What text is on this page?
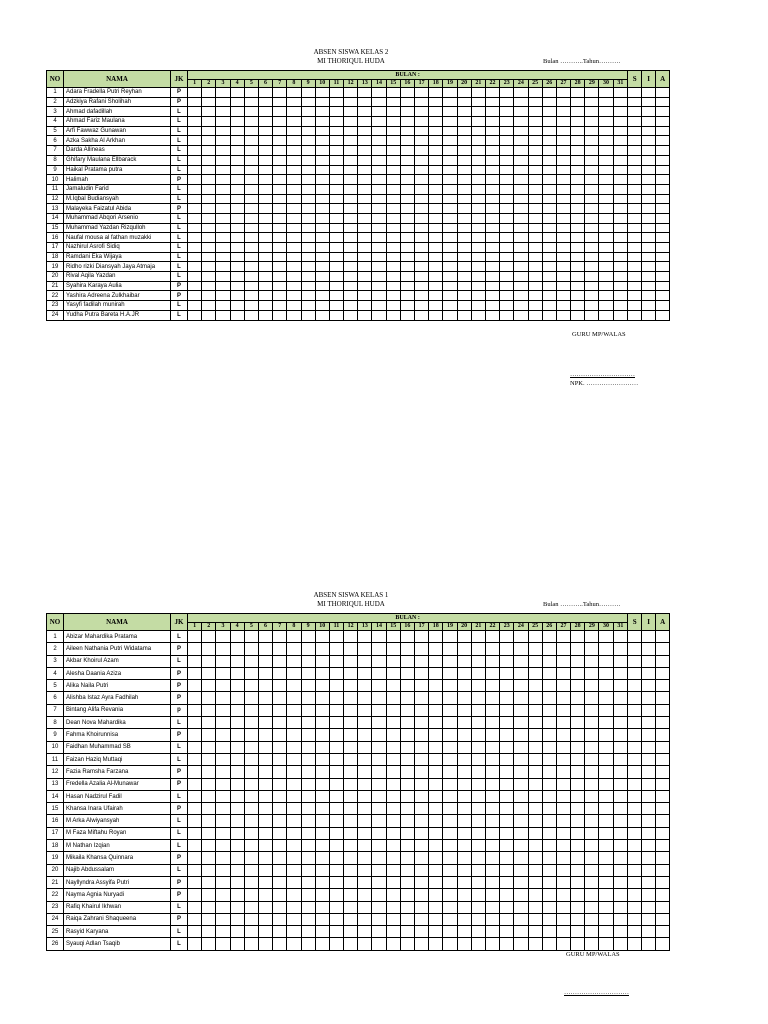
ABSEN SISWA KELAS 2
MI THORIQUL HUDA	Bulan ………..Tahun……….
NO	NAMA	JK	BULAN :																															S	I	A
			1	2	3	4	5	6	7	8	9	10	11	12	13	14	15	16	17	18	19	20	21	22	23	24	25	26	27	28	29	30	31			
1	Adara Fradella Putri Reyhan	P																																		
2	Adzkiya Rafani Sholihah	P																																		
3	Ahmad dafadillah	L																																		
4	Ahmad Fariz Maulana	L																																		
5	Arfi Fawwaz Gunawan	L																																		
6	Azka Sakha Al Arkhan	L																																		
7	Darda Allineas	L																																		
8	Ghifary Maulana Ellbarack	L																																		
9	Haikal Pratama putra	L																																		
10	Halimah	P																																		
11	Jamaludin Farid	L																																		
12	M.Iqbal Budiansyah	L																																		
13	Malayeka Faizatul Abida	P																																		
14	Muhammad Abqori Arsenio	L																																		
15	Muhammad Yazdan Rizqulloh	L																																		
16	Naufal mousa al fathan muzakki	L																																		
17	Nazhirul Asrofi Sidiq	L																																		
18	Ramdani Eka Wijaya	L																																		
19	Ridho rizki Diansyah Jaya Atmaja	L																																		
20	Rival Aqila Yazdan	L																																		
21	Syahira Karaya Aulia	P																																		
22	Yashira Adreena Zulkhaibar	P																																		
23	Yasyfi fadilah munirah	L																																		
24	Yudha Putra Bareta H.A.JR	L																																		
GURU MP/WALAS
…………………………
NPK. ……………………
ABSEN SISWA KELAS 1
MI THORIQUL HUDA	Bulan ………..Tahun……….
NO	NAMA	JK	BULAN :																															S	I	A
			1	2	3	4	5	6	7	8	9	10	11	12	13	14	15	16	17	18	19	20	21	22	23	24	25	26	27	28	29	30	31			
1	Abizar Mahardika Pratama	L																																		
2	Aileen Nathania Putri Widatama	P																																		
3	Akbar Khoirul Azam	L																																		
4	Alesha Daania Aziza	P																																		
5	Alika Naila Putri	P																																		
6	Alishba Istaz Ayra Fadhilah	P																																		
7	Bintang Alifa Revania	p																																		
8	Dean Nova Mahardika	L																																		
9	Fahma Khoirunnisa	P																																		
10	Faidhan Muhammad SB	L																																		
11	Faizan Haziq Muttaqi	L																																		
12	Fazia Ramsha Farzana	P																																		
13	Fredella Azalia Al-Munawar	P																																		
14	Hasan Nadzirul Fadil	L																																		
15	Khansa Inara Ufairah	P																																		
16	M Arka Alwiyansyah	L																																		
17	M Faza Miftahu Royan	L																																		
18	M Nathan Izqian	L																																		
19	Mikaila Khansa Quinnara	P																																		
20	Najib Abdussalam	L																																		
21	Nayllyndra Assyifa Putri	P																																		
22	Nayma Agnia Nuryadi	P																																		
23	Rafiq Khairul Ikhwan	L																																		
24	Raiqa Zahrani Shaqueena	P																																		
25	Rasyid Karyana	L																																		
26	Syauqi Adlan Tsaqib	L																																		
GURU MP/WALAS
…………………………
